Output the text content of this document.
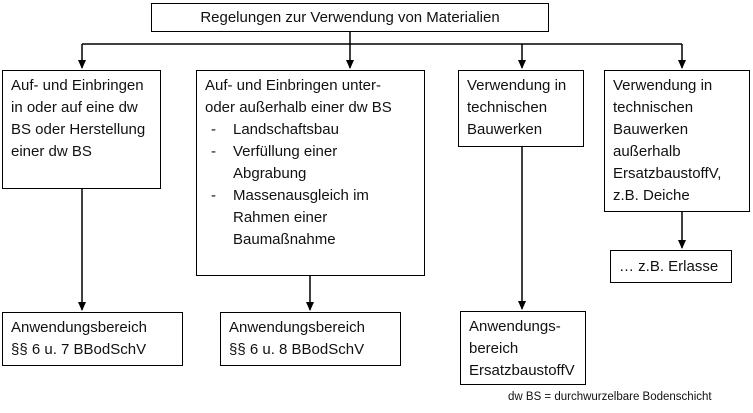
Regelungen zur Verwendung von Materialien
Auf- und Einbringen
in oder auf eine dw
BS oder Herstellung
einer dw BS
Auf- und Einbringen unter-
oder außerhalb einer dw BS
- Landschaftsbau
- Verfüllung einer
Abgrabung
- Massenausgleich im
Rahmen einer
Baumaßnahme
Verwendung in
technischen
Bauwerken
Verwendung in
technischen
Bauwerken
außerhalb
ErsatzbaustoffV,
z.B. Deiche
Anwendungsbereich
§§ 6 u. 7 BBodSchV
Anwendungsbereich
§§ 6 u. 8 BBodSchV
Anwendungs-
bereich
ErsatzbaustoffV
… z.B. Erlasse
dw BS = durchwurzelbare Bodenschicht
